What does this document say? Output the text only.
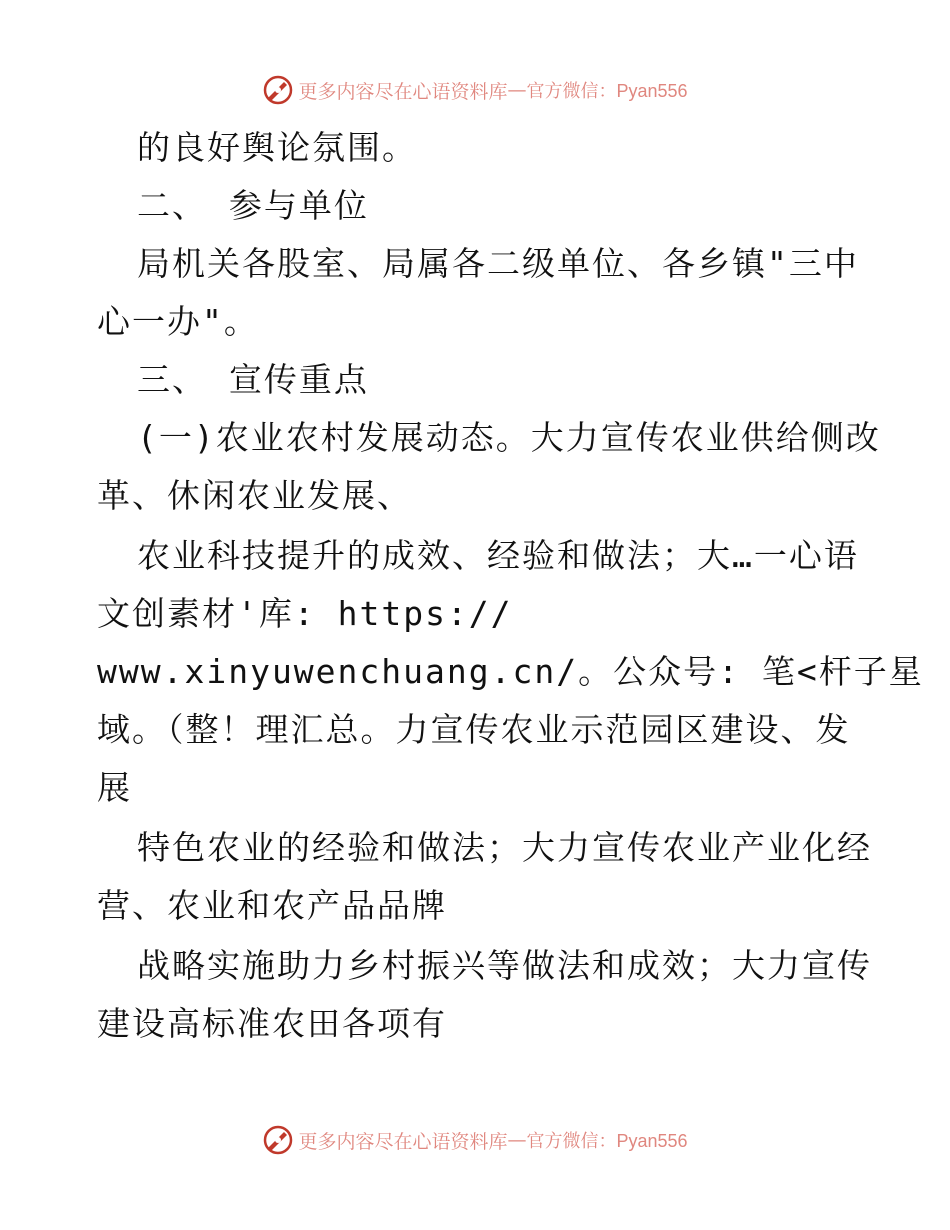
更多内容尽在心语资料库 — 官方微信：Pyan556
的良好舆论氛围。
二、 参与单位
局机关各股室、局属各二级单位、各乡镇"三中
心一办"。
三、 宣传重点
(一)农业农村发展动态。大力宣传农业供给侧改
革、休闲农业发展、
农业科技提升的成效、经验和做法；大…一心语
文创素材'库: https://
www.xinyuwenchuang.cn/。公众号: 笔<杆子星
域。（整！理汇总。力宣传农业示范园区建设、发
展
特色农业的经验和做法；大力宣传农业产业化经
营、农业和农产品品牌
战略实施助力乡村振兴等做法和成效；大力宣传
建设高标准农田各项有
更多内容尽在心语资料库 — 官方微信：Pyan556
